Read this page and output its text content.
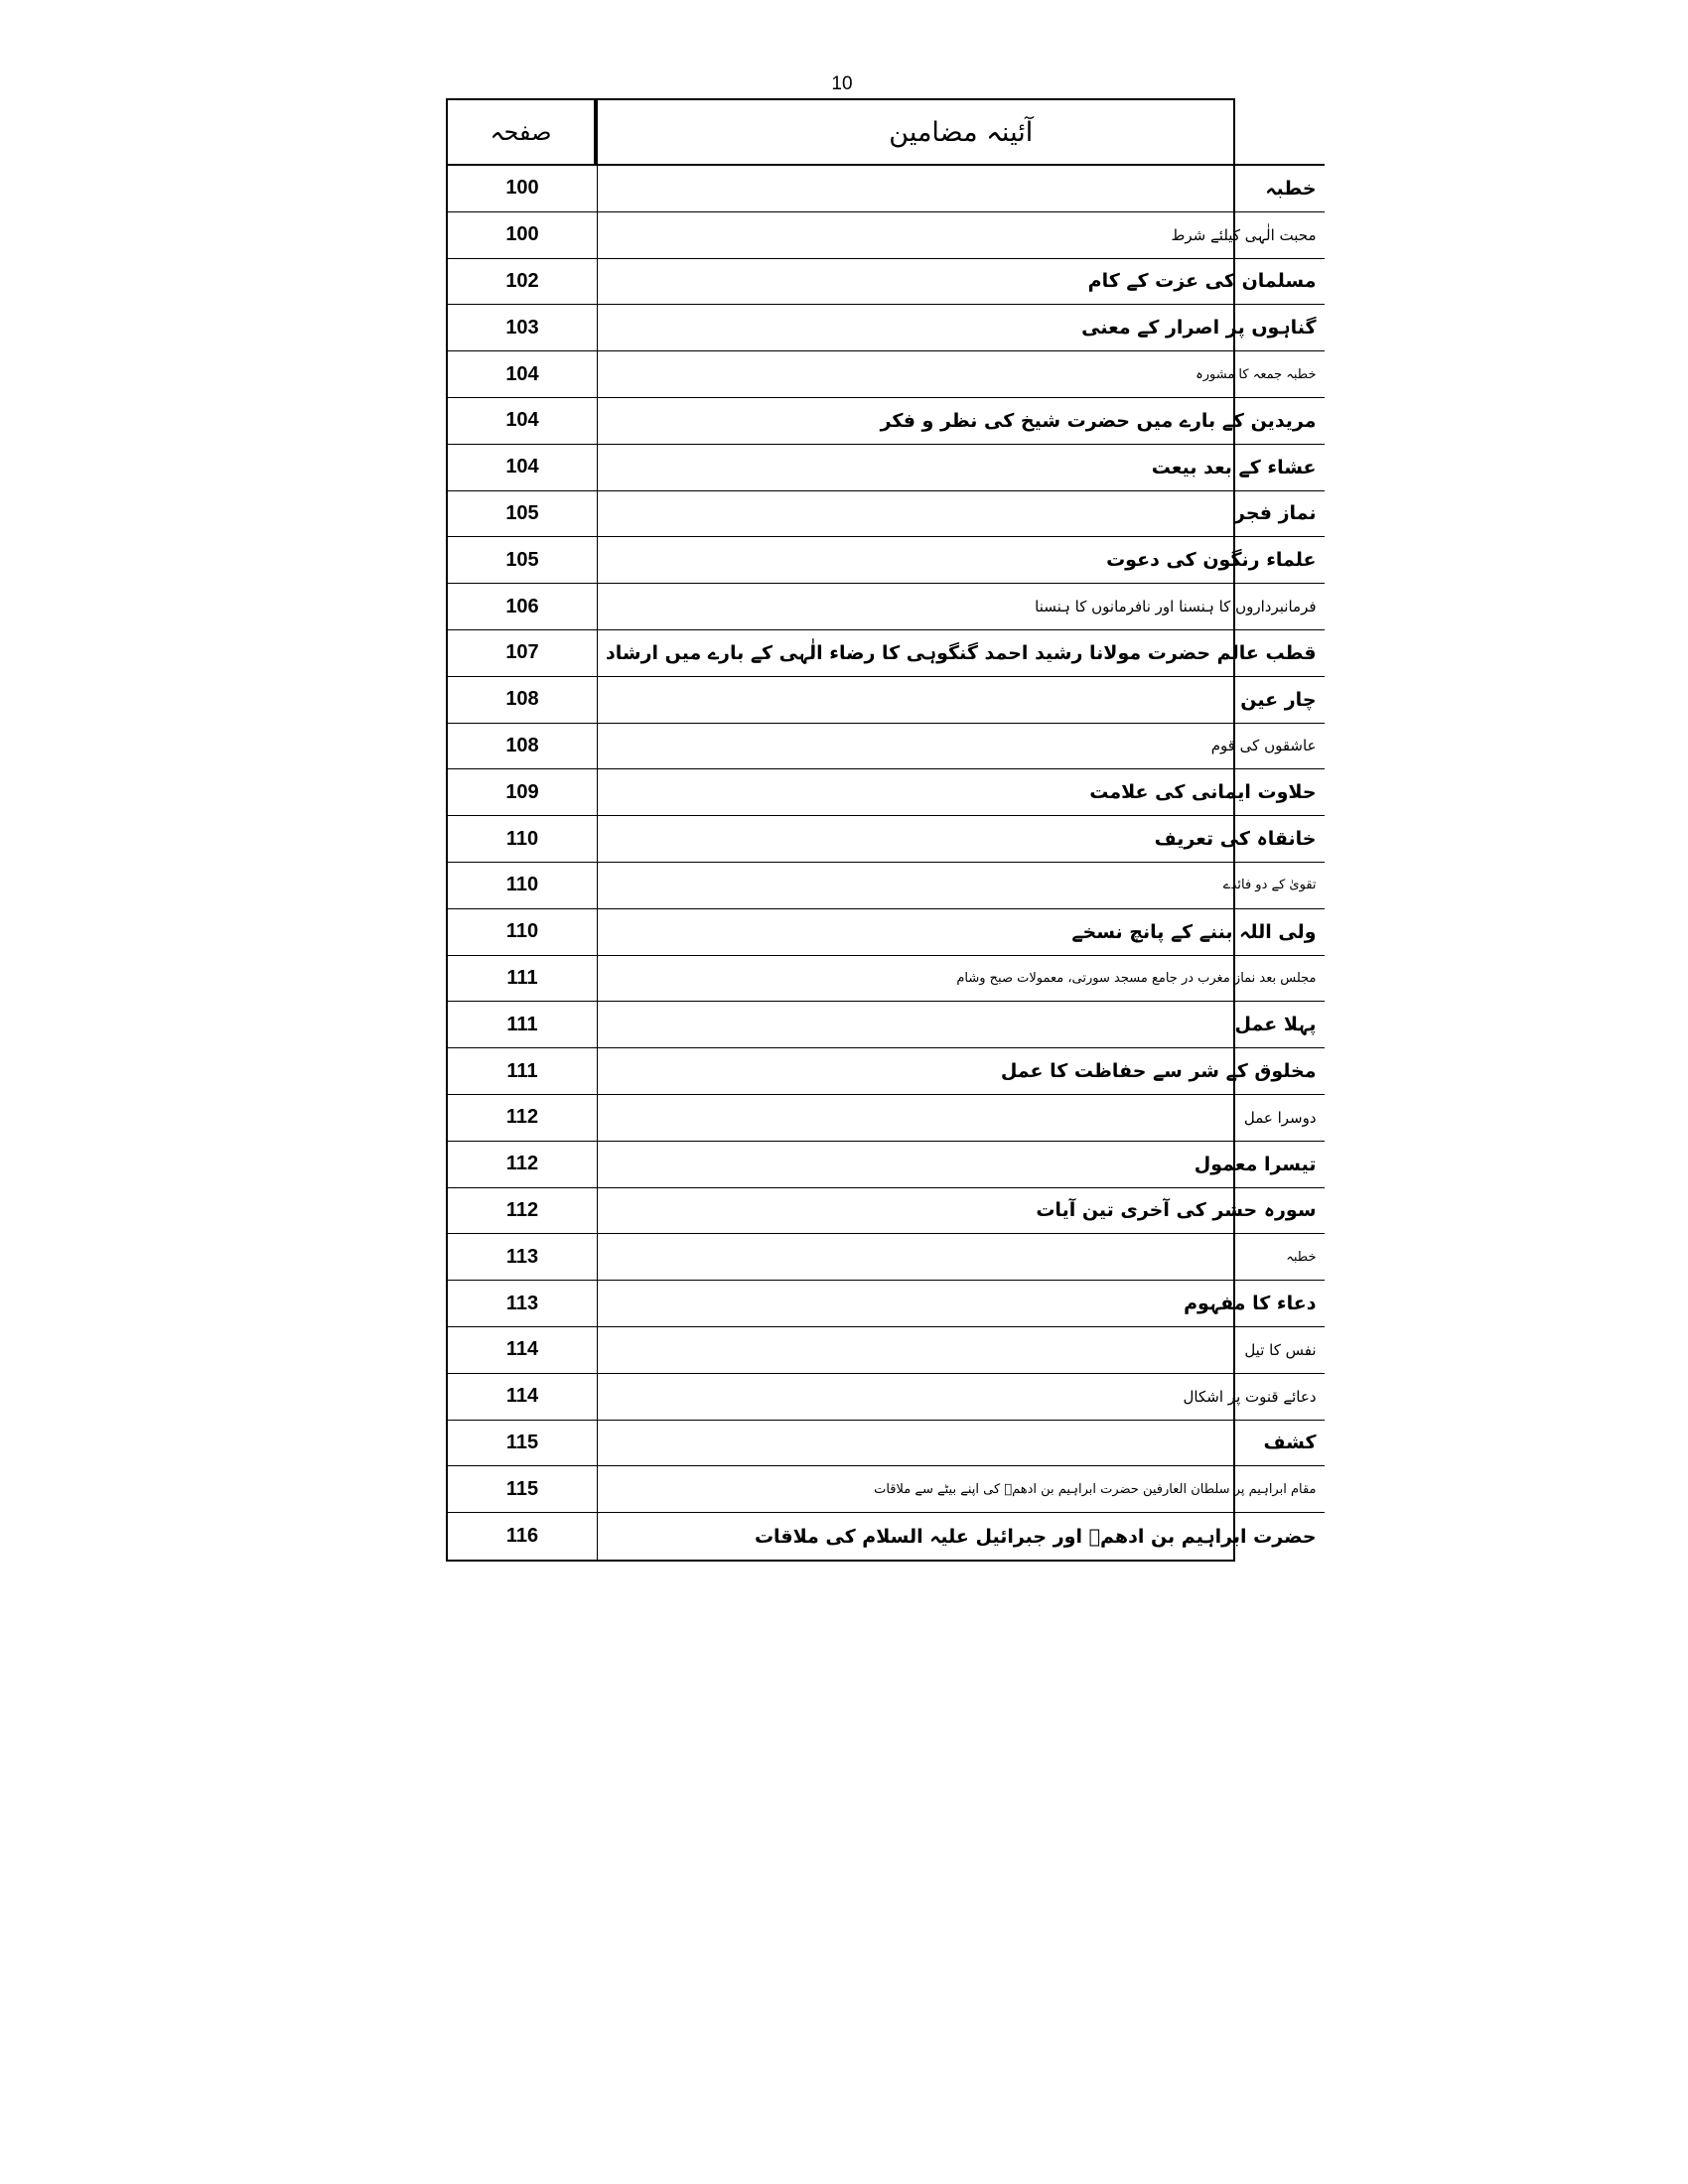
10
صفحہ	آئینہ مضامین
100	خطبہ
100	محبت الٰہی کیلئے شرط
102	مسلمان کی عزت کے کام
103	گناہوں پر اصرار کے معنی
104	خطبہ جمعہ کا مشورہ
104	مریدین کے بارے میں حضرت شیخ کی نظر و فکر
104	عشاء کے بعد بیعت
105	نماز فجر
105	علماء رنگون کی دعوت
106	فرمانبرداروں کا ہنسنا اور نافرمانوں کا ہنسنا
107	قطب عالم حضرت مولانا رشید احمد گنگوہی کا رضاء الٰہی کے بارے میں ارشاد
108	چار عین
108	عاشقوں کی قوم
109	حلاوت ایمانی کی علامت
110	خانقاہ کی تعریف
110	تقویٰ کے دو فائدے
110	ولی اللہ بننے کے پانچ نسخے
111	مجلس بعد نماز مغرب در جامع مسجد سورتی، معمولات صبح وشام
111	پہلا عمل
111	مخلوق کے شر سے حفاظت کا عمل
112	دوسرا عمل
112	تیسرا معمول
112	سورہ حشر کی آخری تین آیات
113	خطبہ
113	دعاء کا مفہوم
114	نفس کا تیل
114	دعائے قنوت پر اشکال
115	کشف
115	مقام ابراہیم پر سلطان العارفین حضرت ابراہیم بن ادھمؒ کی اپنے بیٹے سے ملاقات
116	حضرت ابراہیم بن ادھمؒ اور جبرائیل علیہ السلام کی ملاقات
